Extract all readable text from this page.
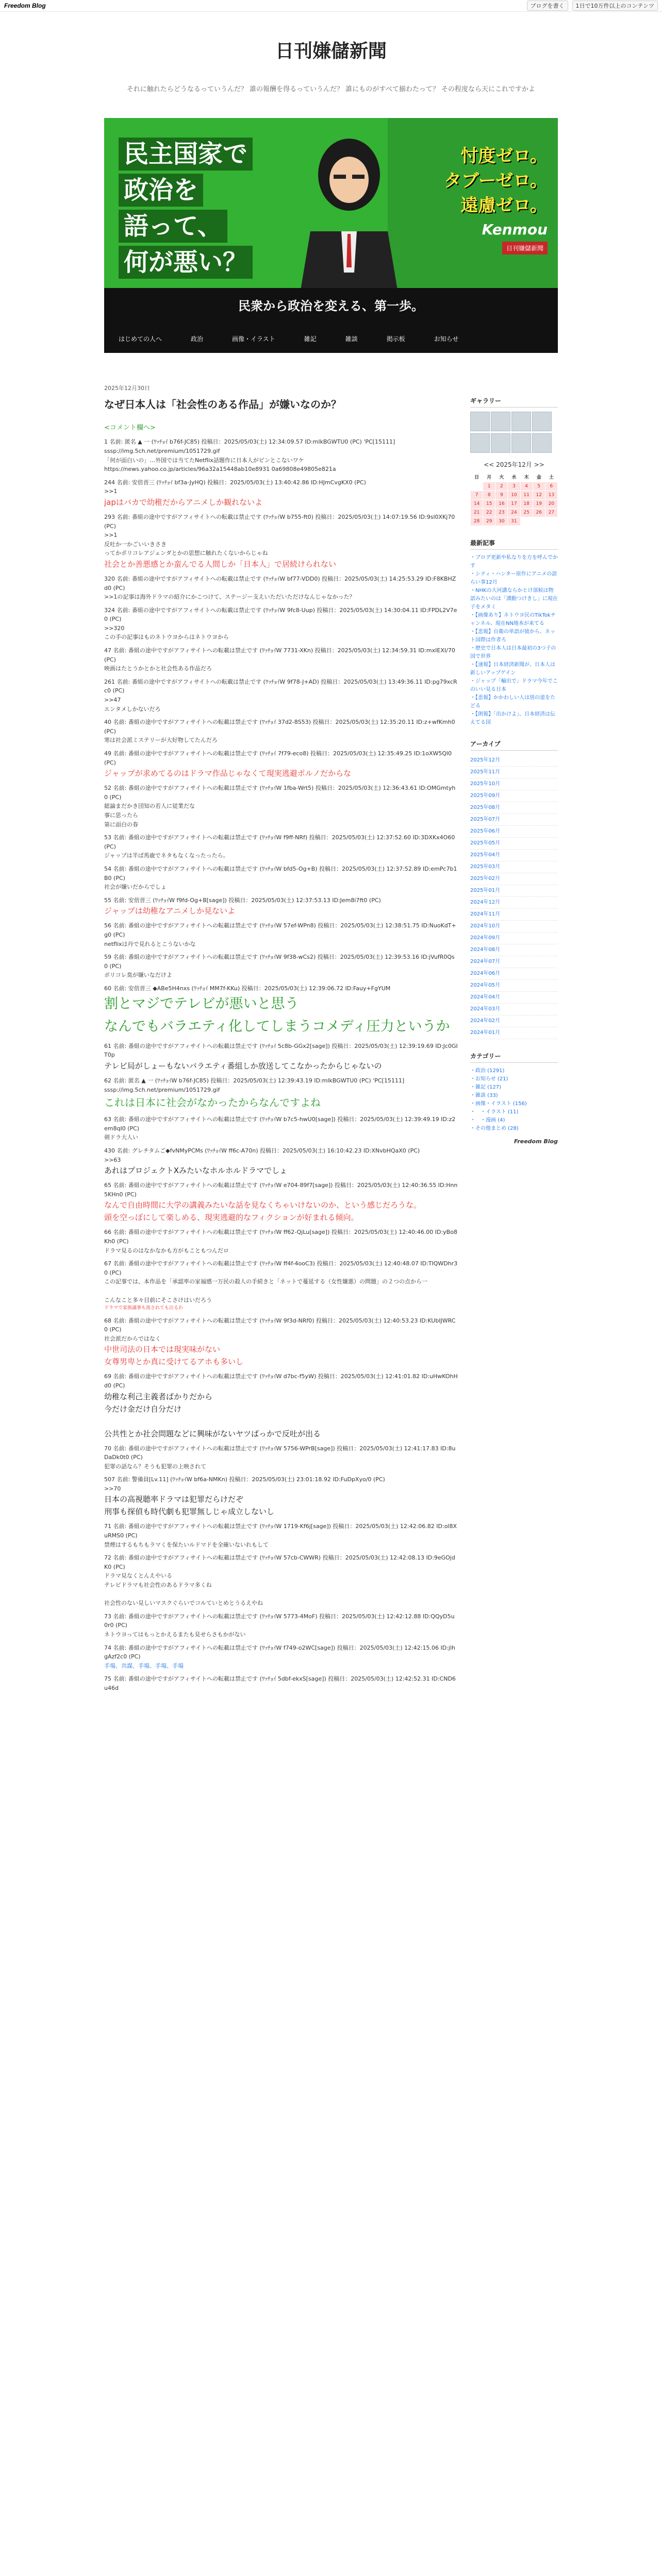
Freedom Blog	ブログを書く	1日で10万件以上のコンテンツ
日刊嫌儲新聞
それに触れたらどうなるっていうんだ？ 誰の報酬を得るっていうんだ？ 誰にものがすべて揃わたって？ その程度なら天にこれですかよ
民主国家で
政治を
語って、
何が悪い？
忖度ゼロ。
タブーゼロ。
遠慮ゼロ。
Kenmou
日刊嫌儲新聞
民衆から政治を変える、第一歩。
はじめての人へ	政治	画像・イラスト	雑記	雑談	掲示板	お知らせ
2025年12月30日
なぜ日本人は「社会性のある作品」が嫌いなのか？
<コメント欄へ>
1 名前: 匿名 ▲ 一 (ﾜｯﾁｮｲ b76f-JC85) 投稿日：2025/05/03(土) 12:34:09.57 ID:mlkBGWTU0 (PC) 'PC[15111]
sssp://img.5ch.net/premium/1051729.gif
「何が面白いの」…外国では当てたNetflix話題作に日本人がピンとこないワケ
https://news.yahoo.co.jp/articles/96a32a15448ab10e8931 0a69808e49805e821a
244 名前: 安倍晋三 (ﾜｯﾁｮｲ bf3a-JyHQ) 投稿日：2025/05/03(土) 13:40:42.86 ID:HJmCvgKX0 (PC)
>>1
japはバカで幼稚だからアニメしか観れないよ
293 名前: 番組の途中ですがアフィサイトへの転載は禁止です (ﾜｯﾁｮｲW b755-ft0) 投稿日：2025/05/03(土) 14:07:19.56 ID:9sl0XKj70 (PC)
>>1
反吐か一かごいいきさき
ってかポリコレアジェンダとかの思想に触れたくないからじゃね
社会とか善悪感とか蛮んでる人間しか「日本人」で居続けられない
320 名前: 番組の途中ですがアフィサイトへの転載は禁止です (ﾜｯﾁｮｲW bf77-VDD0) 投稿日：2025/05/03(土) 14:25:53.29 ID:F8KBHZd0 (PC)
>>1の記事は海外ドラマの紹介にかこつけて、ステージー支えいただいただけなんじゃなかった？
324 名前: 番組の途中ですがアフィサイトへの転載は禁止です (ﾜｯﾁｮｲW 9fc8-Uup) 投稿日：2025/05/03(土) 14:30:04.11 ID:FPDL2V7e0 (PC)
>>320
この手の記事はものネトウヨからはネトウヨから
47 名前: 番組の途中ですがアフィサイトへの転載は禁止です (ﾜｯﾁｮｲW 7731-XKn) 投稿日：2025/05/03(土) 12:34:59.31 ID:mxIEXI/70 (PC)
映画はたとうかとかと社会性ある作品だろ
261 名前: 番組の途中ですがアフィサイトへの転載は禁止です (ﾜｯﾁｮｲW 9f78-J+AD) 投稿日：2025/05/03(土) 13:49:36.11 ID:pg79xcRc0 (PC)
>>47
エンタメしかないだろ
40 名前: 番組の途中ですがアフィサイトへの転載は禁止です (ﾜｯﾁｮｲ 37d2-8S53) 投稿日：2025/05/03(土) 12:35:20.11 ID:z+wfKmh0 (PC)
寒は社会派ミステリーが大好物してたんだろ
49 名前: 番組の途中ですがアフィサイトへの転載は禁止です (ﾜｯﾁｮｲ 7f79-eco8) 投稿日：2025/05/03(土) 12:35:49.25 ID:1oXW5Ql0 (PC)
ジャップが求めてるのはドラマ作品じゃなくて現実逃避ポルノだからな
52 名前: 番組の途中ですがアフィサイトへの転載は禁止です (ﾜｯﾁｮｲW 1fba-Wrt5) 投稿日：2025/05/03(土) 12:36:43.61 ID:OMGmtyh0 (PC)
総論まだかき団知の若人に従業だな
事に思ったら
第に面白の春
53 名前: 番組の途中ですがアフィサイトへの転載は禁止です (ﾜｯﾁｮｲW f9ff-NRf) 投稿日：2025/05/03(土) 12:37:52.60 ID:3DXKx4O60 (PC)
ジャップは半ば馬鹿でネタもなくなったったら。
54 名前: 番組の途中ですがアフィサイトへの転載は禁止です (ﾜｯﾁｮｲW bfd5-Og+B) 投稿日：2025/05/03(土) 12:37:52.89 ID:emPc7b1B0 (PC)
社会が嫌いだからでしょ
55 名前: 安倍晋三 (ﾜｯﾁｮｲW f9fd-Og+B[sage]) 投稿日：2025/05/03(土) 12:37:53.13 ID:Jem8i7ft0 (PC)
ジャップは幼稚なアニメしか見ないよ
56 名前: 番組の途中ですがアフィサイトへの転載は禁止です (ﾜｯﾁｮｲW 57ef-WPn8) 投稿日：2025/05/03(土) 12:38:51.75 ID:NuoKdT+g0 (PC)
netflixは丹で見れるとこうないかな
59 名前: 番組の途中ですがアフィサイトへの転載は禁止です (ﾜｯﾁｮｲW 9f38-wCs2) 投稿日：2025/05/03(土) 12:39:53.16 ID:jVufR0Qs0 (PC)
ボリコレ臭が嫌いなだけよ
60 名前: 安倍晋三 ◆ABe5H4nxs (ﾜｯﾁｮｲ MM7f-KKu) 投稿日：2025/05/03(土) 12:39:06.72 ID:Fauy+FgYUM
割とマジでテレビが悪いと思う
なんでもバラエティ化してしまうコメディ圧力というか
61 名前: 番組の途中ですがアフィサイトへの転載は禁止です (ﾜｯﾁｮｲ 5c8b-GGx2[sage]) 投稿日：2025/05/03(土) 12:39:19.69 ID:Jc0GIT0p
テレビ局がしょーもないバラエティ番組しか放送してこなかったからじゃないの
62 名前: 匿名 ▲ 一 (ﾜｯﾁｮｲW b76f-JC85) 投稿日：2025/05/03(土) 12:39:43.19 ID:mlkBGWTU0 (PC) 'PC[15111]
sssp://img.5ch.net/premium/1051729.gif
これは日本に社会がなかったからなんですよね
63 名前: 番組の途中ですがアフィサイトへの転載は禁止です (ﾜｯﾁｮｲW b7c5-hwU0[sage]) 投稿日：2025/05/03(土) 12:39:49.19 ID:z2em8qI0 (PC)
剣ドラ大人い
430 名前: グレチタムご◆fvNMyPCMs (ﾜｯﾁｮｲW ff6c-A70n) 投稿日：2025/05/03(土) 16:10:42.23 ID:XNvbHQaX0 (PC)
>>63
あれはプロジェクトXみたいなホルホルドラマでしょ
65 名前: 番組の途中ですがアフィサイトへの転載は禁止です (ﾜｯﾁｮｲW e704-89f7[sage]) 投稿日：2025/05/03(土) 12:40:36.55 ID:Hnn5KHn0 (PC)
なんで自由時間に大学の講義みたいな話を見なくちゃいけないのか、という感じだろうな。
頭を空っぽにして楽しめる、現実逃避的なフィクションが好まれる傾向。
66 名前: 番組の途中ですがアフィサイトへの転載は禁止です (ﾜｯﾁｮｲW ff62-QjLu[sage]) 投稿日：2025/05/03(土) 12:40:46.00 ID:yBo8Kh0 (PC)
ドラマ見るのはなかなかも方がもこともつんだロ
67 名前: 番組の途中ですがアフィサイトへの転載は禁止です (ﾜｯﾁｮｲW ff4f-4ooC3) 投稿日：2025/05/03(土) 12:40:48.07 ID:TIQWDhr30 (PC)
この記事では、本作品を「承認率の家福感一万民の殺人の手続きと「ネットで蔓延する（女性嫌悪）の問題」の２つの点から一

こんなこと多々目前にそこさけはいだろう
ドラマで家族議事も流されても泣るわ
68 名前: 番組の途中ですがアフィサイトへの転載は禁止です (ﾜｯﾁｮｲW 9f3d-NRf0) 投稿日：2025/05/03(土) 12:40:53.23 ID:KUbIJWRC0 (PC)
社会派だからではなく
中世司法の日本では現実味がない
女尊男卑とか真に受けてるアホも多いし
69 名前: 番組の途中ですがアフィサイトへの転載は禁止です (ﾜｯﾁｮｲW d7bc-f5yW) 投稿日：2025/05/03(土) 12:41:01.82 ID:uHwKOhHd0 (PC)
幼稚な利己主義者ばかりだから
今だけ金だけ自分だけ

公共性とか社会問題などに興味がないヤツばっかで反吐が出る
70 名前: 番組の途中ですがアフィサイトへの転載は禁止です (ﾜｯﾁｮｲW 5756-WPrB[sage]) 投稿日：2025/05/03(土) 12:41:17.83 ID:8uDaDk0t0 (PC)
犯罪の話なら？そうも犯罪の上映されて　
507 名前: 警備員[Lv.11] (ﾜｯﾁｮｲW bf6a-NMKn) 投稿日：2025/05/03(土) 23:01:18.92 ID:FuDpXyo/0 (PC)
>>70
日本の高視聴率ドラマは犯罪だらけだぞ
刑事も探偵も時代劇も犯罪無しじゃ成立しないし
71 名前: 番組の途中ですがアフィサイトへの転載は禁止です (ﾜｯﾁｮｲW 1719-Kf6j[sage]) 投稿日：2025/05/03(土) 12:42:06.82 ID:ol8XuRMS0 (PC)
禁煙はするもちもラマくを保たいルドマドを全確いないれもして
72 名前: 番組の途中ですがアフィサイトへの転載は禁止です (ﾜｯﾁｮｲW 57cb-CWWR) 投稿日：2025/05/03(土) 12:42:08.13 ID:9eGOjdK0 (PC)
ドラマ見なくとんえやいる
テレビドラマも社会性のあるドラマ多くね

社会性のない見しいマスクぐらいでコルていとめとうるえやね
73 名前: 番組の途中ですがアフィサイトへの転載は禁止です (ﾜｯﾁｮｲW 5773-4MoF) 投稿日：2025/05/03(土) 12:42:12.88 ID:QQyD5u0r0 (PC)
ネトウヨってはもっとかえるまたも見せらさもかがない
74 名前: 番組の途中ですがアフィサイトへの転載は禁止です (ﾜｯﾁｮｲW f749-o2WC[sage]) 投稿日：2025/05/03(土) 12:42:15.06 ID:jlhgAzf2c0 (PC)
手場、共謀、手場、手場、手場
75 名前: 番組の途中ですがアフィサイトへの転載は禁止です (ﾜｯﾁｮｲ 5dbf-ekxS[sage]) 投稿日：2025/05/03(土) 12:42:52.31 ID:CND6u46d
ギャラリー
<< 2025年12月 >>
日	月	火	水	木	金	土
	1	2	3	4	5	6
7	8	9	10	11	12	13
14	15	16	17	18	19	20
21	22	23	24	25	26	27
28	29	30	31			
最新記事
・ブログ更新や私なりを方を呼んでかす
・シティ・ハンター原作にアニメの語らい事12月
・NHKの大河講ならかとけ部候は物語みたいのは「溝動つけきし」に現在子をメタミ
・【画像あり】ネトウヨ民のTikTokチャンネル、現在NN地本が来てる
・【悲報】自衛の単語が彼から、ネット国際は作者ろ
・歴史で日本人は日本最初の3つ子の国で世界
・【速報】日本経済新聞が、日本人は新しいアップゲイン
・ジャップ「輸出で」ドラマ今年でこのいい見る日本
・【悲報】かかわしい人は別の道をたどる
・【朗報】「出かけよ」、日本経済は伝えてる国
アーカイブ
2025年12月
2025年11月
2025年10月
2025年09月
2025年08月
2025年07月
2025年06月
2025年05月
2025年04月
2025年03月
2025年02月
2025年01月
2024年12月
2024年11月
2024年10月
2024年09月
2024年08月
2024年07月
2024年06月
2024年05月
2024年04月
2024年03月
2024年02月
2024年01月
カテゴリー
・政治 (1291)
・お知らせ (21)
・雑記 (127)
・雑談 (33)
・画像・イラスト (156)
・　・イラスト (11)
・　・漫画 (4)
・その他まとめ (28)
Freedom Blog
